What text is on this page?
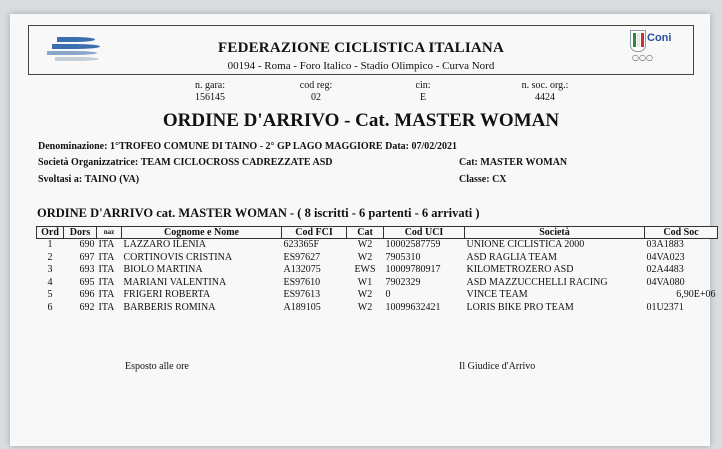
FEDERAZIONE CICLISTICA ITALIANA
00194 - Roma - Foro Italico - Stadio Olimpico - Curva Nord
Coni
○○○
n. gara:
156145
cod reg:
02
cin:
E
n. soc. org.:
4424
ORDINE D'ARRIVO - Cat. MASTER WOMAN
Denominazione: 1°TROFEO COMUNE DI TAINO - 2° GP LAGO MAGGIORE Data: 07/02/2021
Società Organizzatrice: TEAM CICLOCROSS CADREZZATE ASD	Cat: MASTER WOMAN
Svoltasi a: TAINO (VA)	Classe: CX
ORDINE D'ARRIVO cat. MASTER WOMAN - ( 8 iscritti - 6 partenti - 6 arrivati )
Ord	Dors	naz	Cognome e Nome	Cod FCI	Cat	Cod UCI	Società	Cod Soc
1	690	ITA	LAZZARO ILENIA	623365F	W2	10002587759	UNIONE CICLISTICA 2000	03A1883
2	697	ITA	CORTINOVIS CRISTINA	ES97627	W2	7905310	ASD RAGLIA TEAM	04VA023
3	693	ITA	BIOLO MARTINA	A132075	EWS	10009780917	KILOMETROZERO ASD	02A4483
4	695	ITA	MARIANI VALENTINA	ES97610	W1	7902329	ASD MAZZUCCHELLI RACING	04VA080
5	696	ITA	FRIGERI ROBERTA	ES97613	W2	0	VINCE TEAM	6,90E+06
6	692	ITA	BARBERIS ROMINA	A189105	W2	10099632421	LORIS BIKE PRO TEAM	01U2371
Esposto alle ore	Il Giudice d'Arrivo
